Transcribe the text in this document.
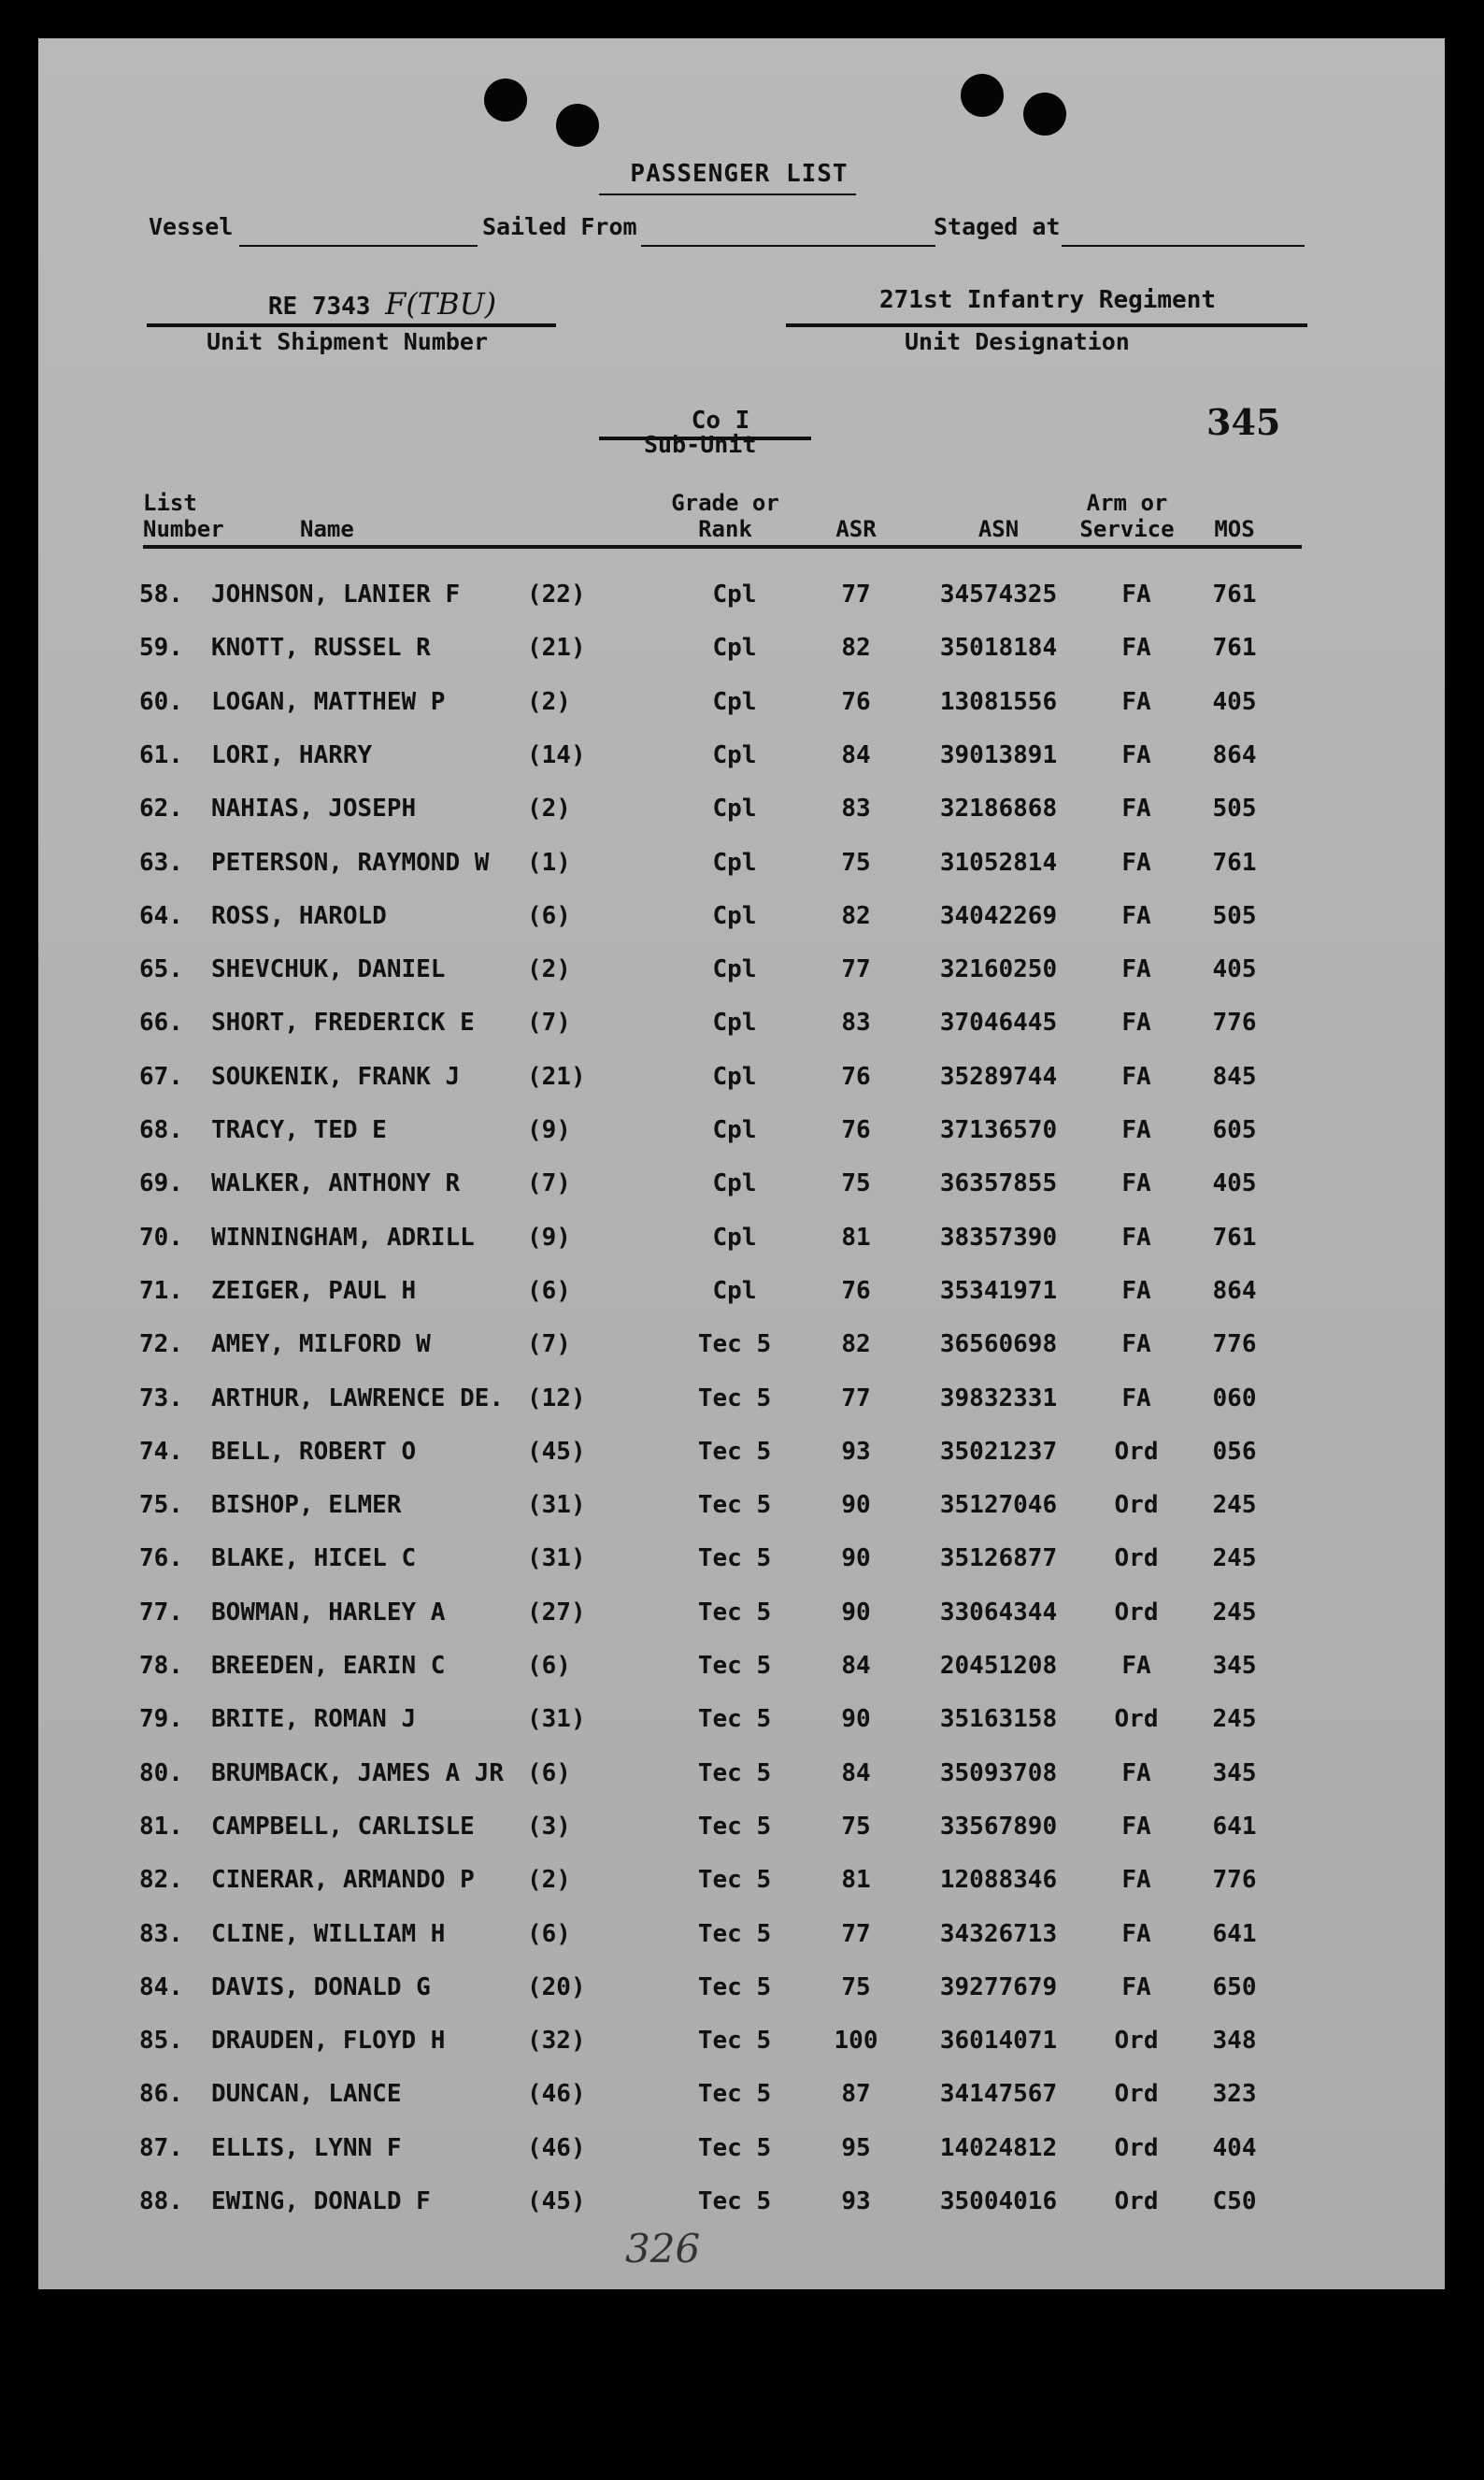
PASSENGER LIST
Vessel	Sailed From	Staged at
RE 7343 F(TBU)
Unit Shipment Number
271st Infantry Regiment
Unit Designation
Co I
Sub-Unit
345
List
Number	Name
Grade or
Rank	ASR	ASN
Arm or
Service	MOS
58. JOHNSON, LANIER F	(22)	Cpl	77	34574325	FA	761
59. KNOTT, RUSSEL R	(21)	Cpl	82	35018184	FA	761
60. LOGAN, MATTHEW P	(2)	Cpl	76	13081556	FA	405
61. LORI, HARRY	(14)	Cpl	84	39013891	FA	864
62. NAHIAS, JOSEPH	(2)	Cpl	83	32186868	FA	505
63. PETERSON, RAYMOND W (1)	Cpl	75	31052814	FA	761
64. ROSS, HAROLD	(6)	Cpl	82	34042269	FA	505
65. SHEVCHUK, DANIEL	(2)	Cpl	77	32160250	FA	405
66. SHORT, FREDERICK E (7)	Cpl	83	37046445	FA	776
67. SOUKENIK, FRANK J	(21)	Cpl	76	35289744	FA	845
68. TRACY, TED E	(9)	Cpl	76	37136570	FA	605
69. WALKER, ANTHONY R	(7)	Cpl	75	36357855	FA	405
70. WINNINGHAM, ADRILL (9)	Cpl	81	38357390	FA	761
71. ZEIGER, PAUL H	(6)	Cpl	76	35341971	FA	864
72. AMEY, MILFORD W	(7)	Tec 5	82	36560698	FA	776
73. ARTHUR, LAWRENCE DE. (12)	Tec 5	77	39832331	FA	060
74. BELL, ROBERT O	(45)	Tec 5	93	35021237	Ord	056
75. BISHOP, ELMER	(31)	Tec 5	90	35127046	Ord	245
76. BLAKE, HICEL C	(31)	Tec 5	90	35126877	Ord	245
77. BOWMAN, HARLEY A	(27)	Tec 5	90	33064344	Ord	245
78. BREEDEN, EARIN C	(6)	Tec 5	84	20451208	FA	345
79. BRITE, ROMAN J	(31)	Tec 5	90	35163158	Ord	245
80. BRUMBACK, JAMES A JR (6)	Tec 5	84	35093708	FA	345
81. CAMPBELL, CARLISLE (3)	Tec 5	75	33567890	FA	641
82. CINERAR, ARMANDO P (2)	Tec 5	81	12088346	FA	776
83. CLINE, WILLIAM H	(6)	Tec 5	77	34326713	FA	641
84. DAVIS, DONALD G	(20)	Tec 5	75	39277679	FA	650
85. DRAUDEN, FLOYD H	(32)	Tec 5	100	36014071	Ord	348
86. DUNCAN, LANCE	(46)	Tec 5	87	34147567	Ord	323
87. ELLIS, LYNN F	(46)	Tec 5	95	14024812	Ord	404
88. EWING, DONALD F	(45)	Tec 5	93	35004016	Ord	C50
326
